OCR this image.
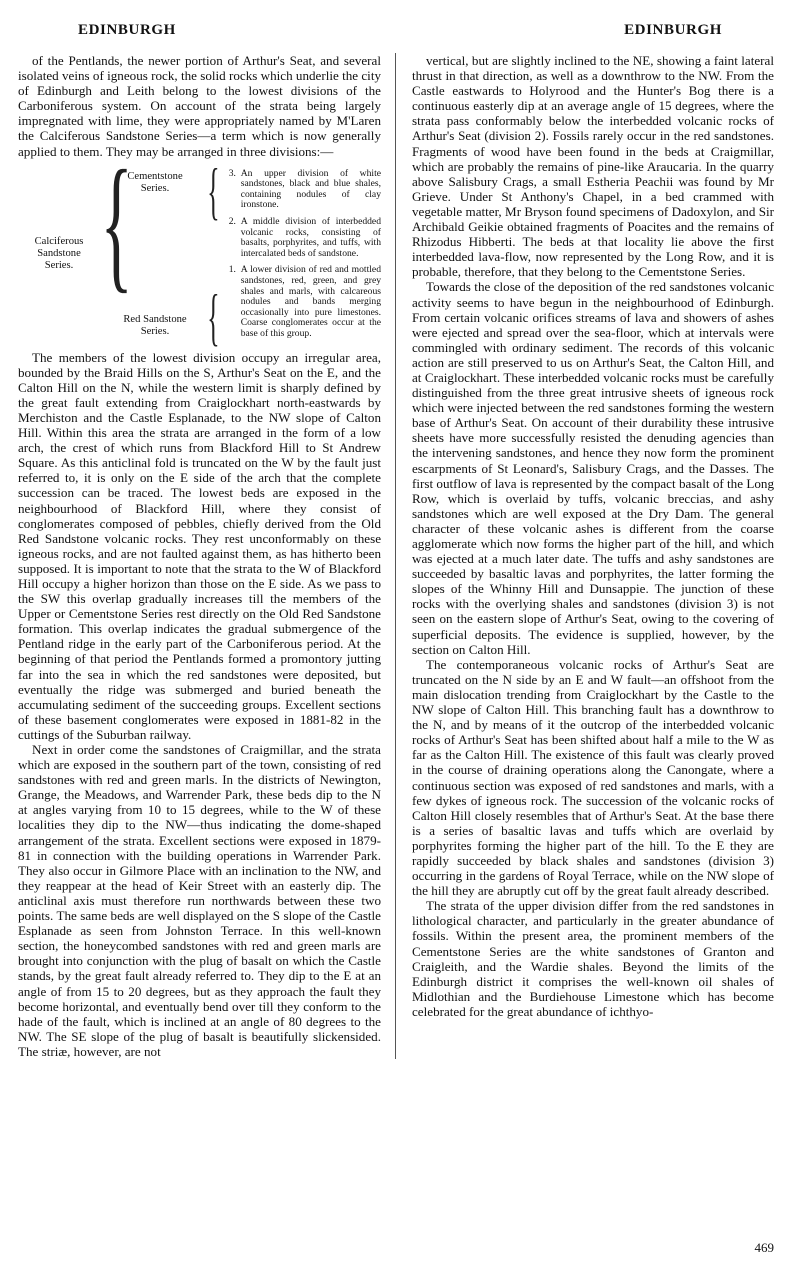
EDINBURGH	EDINBURGH

of the Pentlands, the newer portion of Arthur's Seat, and several isolated veins of igneous rock, the solid rocks which underlie the city of Edinburgh and Leith belong to the lowest divisions of the Carboniferous system. On account of the strata being largely impregnated with lime, they were appropriately named by M'Laren the Calciferous Sandstone Series—a term which is now generally applied to them. They may be arranged in three divisions:—

Calciferous Sandstone Series. {
Cementstone Series.
Red Sandstone Series.
{
{
3. An upper division of white sandstones, black and blue shales, containing nodules of clay ironstone.
2. A middle division of interbedded volcanic rocks, consisting of basalts, porphyrites, and tuffs, with intercalated beds of sandstone.
1. A lower division of red and mottled sandstones, red, green, and grey shales and marls, with calcareous nodules and bands merging occasionally into pure limestones. Coarse conglomerates occur at the base of this group.

The members of the lowest division occupy an irregular area, bounded by the Braid Hills on the S, Arthur's Seat on the E, and the Calton Hill on the N, while the western limit is sharply defined by the great fault extending from Craiglockhart north-eastwards by Merchiston and the Castle Esplanade, to the NW slope of Calton Hill. Within this area the strata are arranged in the form of a low arch, the crest of which runs from Blackford Hill to St Andrew Square. As this anticlinal fold is truncated on the W by the fault just referred to, it is only on the E side of the arch that the complete succession can be traced. The lowest beds are exposed in the neighbourhood of Blackford Hill, where they consist of conglomerates composed of pebbles, chiefly derived from the Old Red Sandstone volcanic rocks. They rest unconformably on these igneous rocks, and are not faulted against them, as has hitherto been supposed. It is important to note that the strata to the W of Blackford Hill occupy a higher horizon than those on the E side. As we pass to the SW this overlap gradually increases till the members of the Upper or Cementstone Series rest directly on the Old Red Sandstone formation. This overlap indicates the gradual submergence of the Pentland ridge in the early part of the Carboniferous period. At the beginning of that period the Pentlands formed a promontory jutting far into the sea in which the red sandstones were deposited, but eventually the ridge was submerged and buried beneath the accumulating sediment of the succeeding groups. Excellent sections of these basement conglomerates were exposed in 1881-82 in the cuttings of the Suburban railway.

Next in order come the sandstones of Craigmillar, and the strata which are exposed in the southern part of the town, consisting of red sandstones with red and green marls. In the districts of Newington, Grange, the Meadows, and Warrender Park, these beds dip to the N at angles varying from 10 to 15 degrees, while to the W of these localities they dip to the NW—thus indicating the dome-shaped arrangement of the strata. Excellent sections were exposed in 1879-81 in connection with the building operations in Warrender Park. They also occur in Gilmore Place with an inclination to the NW, and they reappear at the head of Keir Street with an easterly dip. The anticlinal axis must therefore run northwards between these two points. The same beds are well displayed on the S slope of the Castle Esplanade as seen from Johnston Terrace. In this well-known section, the honeycombed sandstones with red and green marls are brought into conjunction with the plug of basalt on which the Castle stands, by the great fault already referred to. They dip to the E at an angle of from 15 to 20 degrees, but as they approach the fault they become horizontal, and eventually bend over till they conform to the hade of the fault, which is inclined at an angle of 80 degrees to the NW. The SE slope of the plug of basalt is beautifully slickensided. The striæ, however, are not

vertical, but are slightly inclined to the NE, showing a faint lateral thrust in that direction, as well as a downthrow to the NW. From the Castle eastwards to Holyrood and the Hunter's Bog there is a continuous easterly dip at an average angle of 15 degrees, where the strata pass conformably below the interbedded volcanic rocks of Arthur's Seat (division 2). Fossils rarely occur in the red sandstones. Fragments of wood have been found in the beds at Craigmillar, which are probably the remains of pine-like Araucaria. In the quarry above Salisbury Crags, a small Estheria Peachii was found by Mr Grieve. Under St Anthony's Chapel, in a bed crammed with vegetable matter, Mr Bryson found specimens of Dadoxylon, and Sir Archibald Geikie obtained fragments of Poacites and the remains of Rhizodus Hibberti. The beds at that locality lie above the first interbedded lava-flow, now represented by the Long Row, and it is probable, therefore, that they belong to the Cementstone Series.

Towards the close of the deposition of the red sandstones volcanic activity seems to have begun in the neighbourhood of Edinburgh. From certain volcanic orifices streams of lava and showers of ashes were ejected and spread over the sea-floor, which at intervals were commingled with ordinary sediment. The records of this volcanic action are still preserved to us on Arthur's Seat, the Calton Hill, and at Craiglockhart. These interbedded volcanic rocks must be carefully distinguished from the three great intrusive sheets of igneous rock which were injected between the red sandstones forming the western base of Arthur's Seat. On account of their durability these intrusive sheets have more successfully resisted the denuding agencies than the intervening sandstones, and hence they now form the prominent escarpments of St Leonard's, Salisbury Crags, and the Dasses. The first outflow of lava is represented by the compact basalt of the Long Row, which is overlaid by tuffs, volcanic breccias, and ashy sandstones which are well exposed at the Dry Dam. The general character of these volcanic ashes is different from the coarse agglomerate which now forms the higher part of the hill, and which was ejected at a much later date. The tuffs and ashy sandstones are succeeded by basaltic lavas and porphyrites, the latter forming the slopes of the Whinny Hill and Dunsappie. The junction of these rocks with the overlying shales and sandstones (division 3) is not seen on the eastern slope of Arthur's Seat, owing to the covering of superficial deposits. The evidence is supplied, however, by the section on Calton Hill.

The contemporaneous volcanic rocks of Arthur's Seat are truncated on the N side by an E and W fault—an offshoot from the main dislocation trending from Craiglockhart by the Castle to the NW slope of Calton Hill. This branching fault has a downthrow to the N, and by means of it the outcrop of the interbedded volcanic rocks of Arthur's Seat has been shifted about half a mile to the W as far as the Calton Hill. The existence of this fault was clearly proved in the course of draining operations along the Canongate, where a continuous section was exposed of red sandstones and marls, with a few dykes of igneous rock. The succession of the volcanic rocks of Calton Hill closely resembles that of Arthur's Seat. At the base there is a series of basaltic lavas and tuffs which are overlaid by porphyrites forming the higher part of the hill. To the E they are rapidly succeeded by black shales and sandstones (division 3) occurring in the gardens of Royal Terrace, while on the NW slope of the hill they are abruptly cut off by the great fault already described.

The strata of the upper division differ from the red sandstones in lithological character, and particularly in the greater abundance of fossils. Within the present area, the prominent members of the Cementstone Series are the white sandstones of Granton and Craigleith, and the Wardie shales. Beyond the limits of the Edinburgh district it comprises the well-known oil shales of Midlothian and the Burdiehouse Limestone which has become celebrated for the great abundance of ichthyo-

469
